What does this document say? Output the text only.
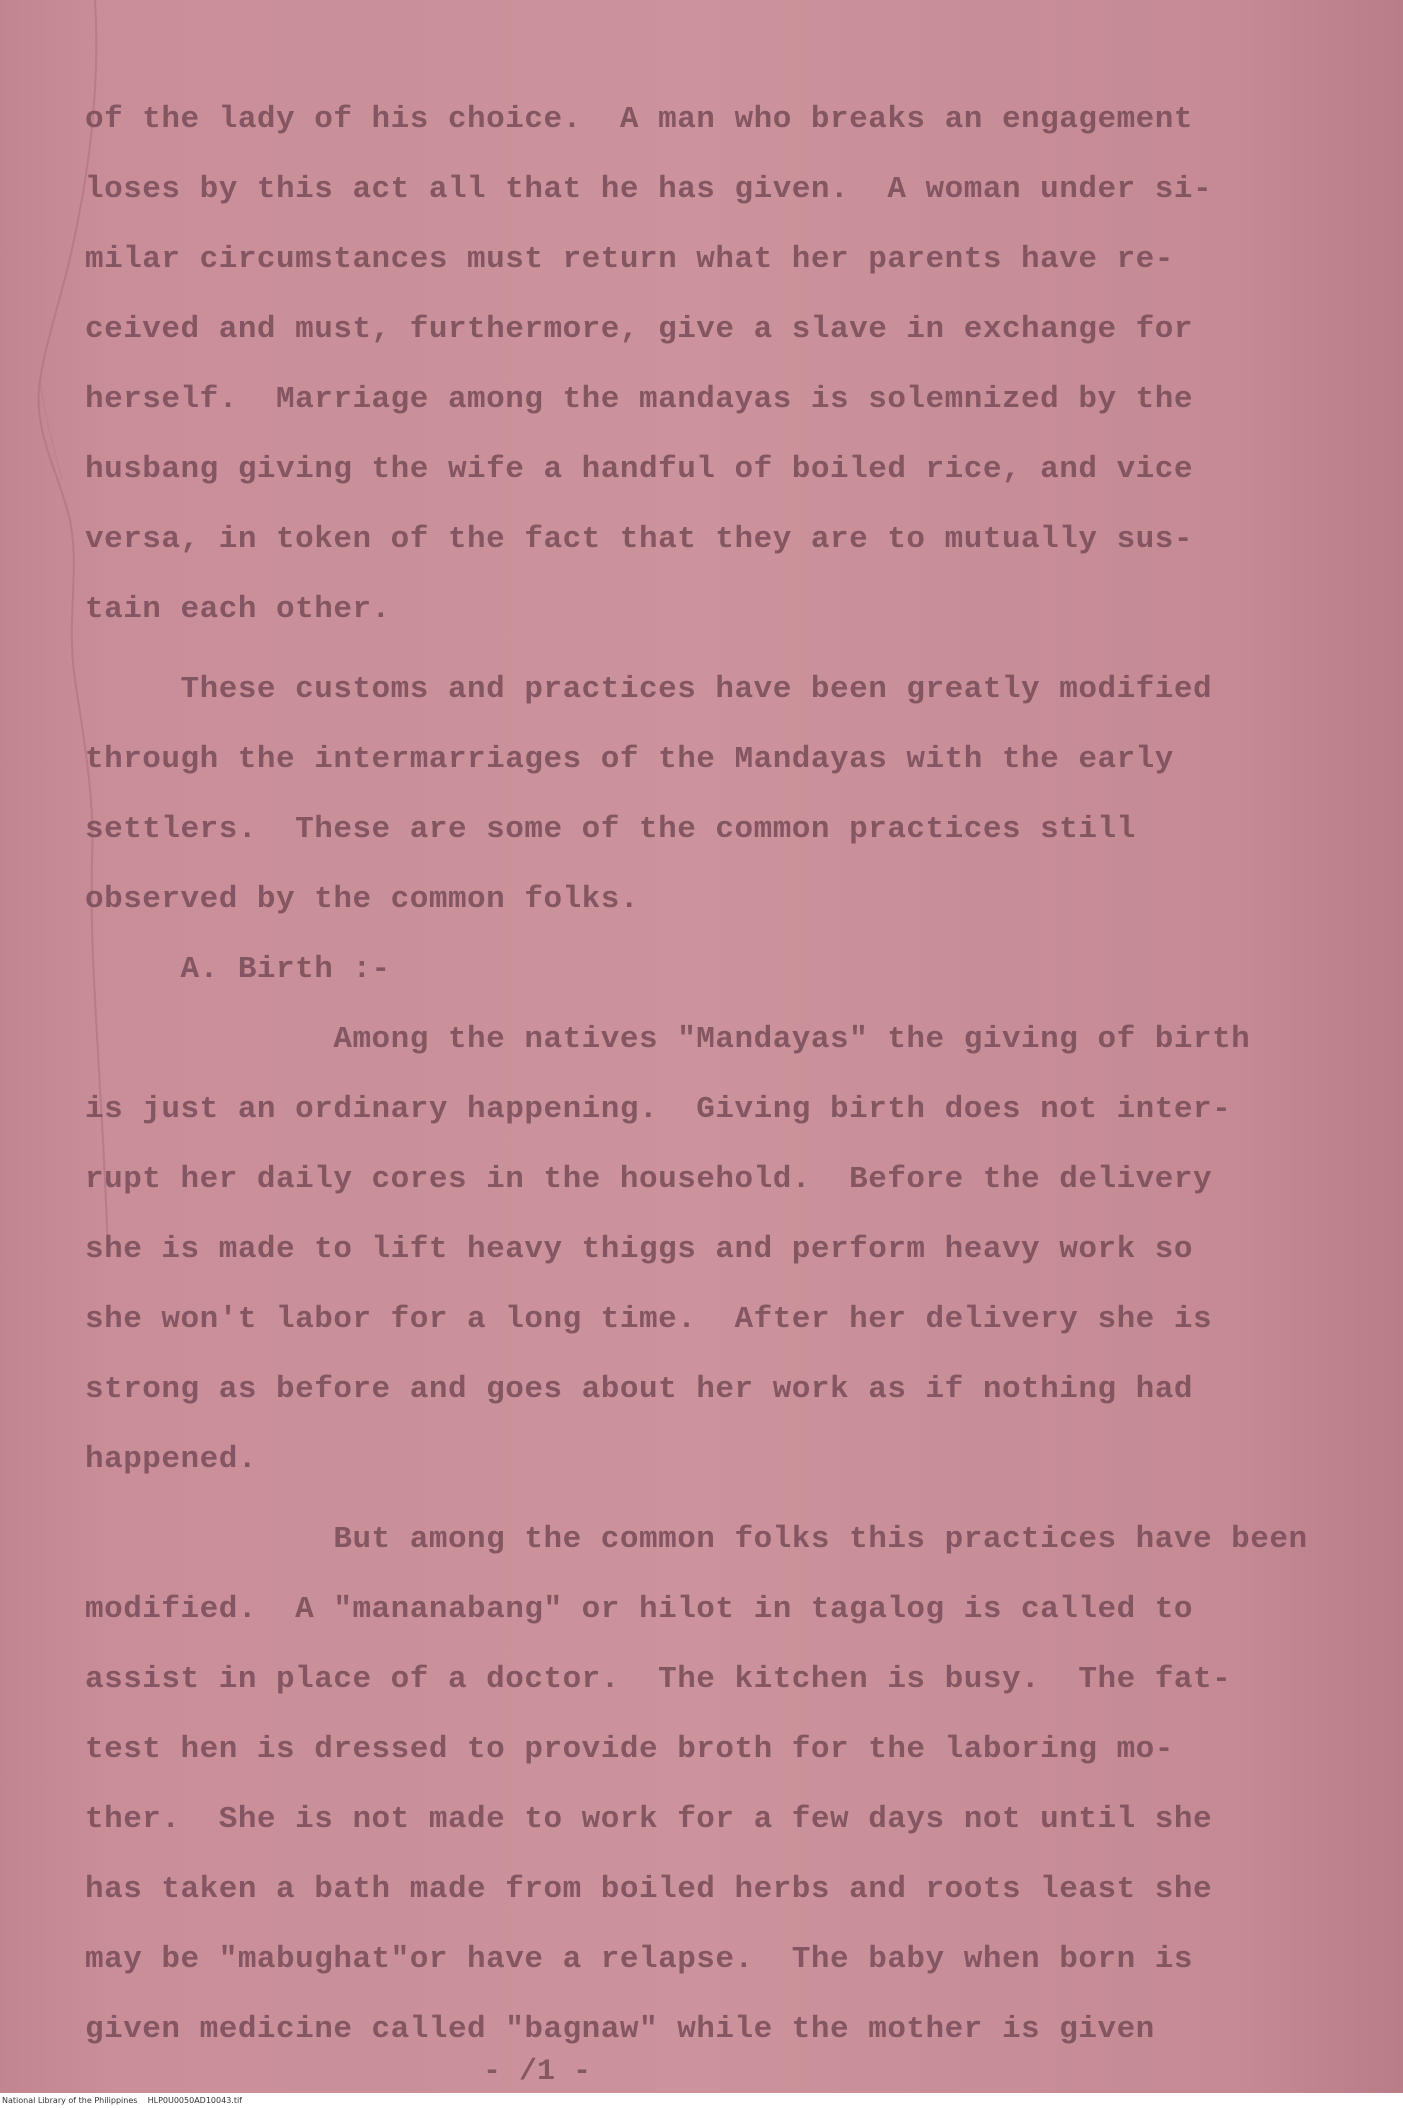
of the lady of his choice.  A man who breaks an engagement
loses by this act all that he has given.  A woman under si-
milar circumstances must return what her parents have re-
ceived and must, furthermore, give a slave in exchange for
herself.  Marriage among the mandayas is solemnized by the
husbang giving the wife a handful of boiled rice, and vice
versa, in token of the fact that they are to mutually sus-
tain each other.
These customs and practices have been greatly modified
through the intermarriages of the Mandayas with the early
settlers.  These are some of the common practices still
observed by the common folks.
A. Birth :-
Among the natives "Mandayas" the giving of birth
is just an ordinary happening.  Giving birth does not inter-
rupt her daily cores in the household.  Before the delivery
she is made to lift heavy thiggs and perform heavy work so
she won't labor for a long time.  After her delivery she is
strong as before and goes about her work as if nothing had
happened.
But among the common folks this practices have been
modified.  A "mananabang" or hilot in tagalog is called to
assist in place of a doctor.  The kitchen is busy.  The fat-
test hen is dressed to provide broth for the laboring mo-
ther.  She is not made to work for a few days not until she
has taken a bath made from boiled herbs and roots least she
may be "mabughat"or have a relapse.  The baby when born is
given medicine called "bagnaw" while the mother is given
- /1 -
National Library of the Philippines    HLP0U0050AD10043.tif
